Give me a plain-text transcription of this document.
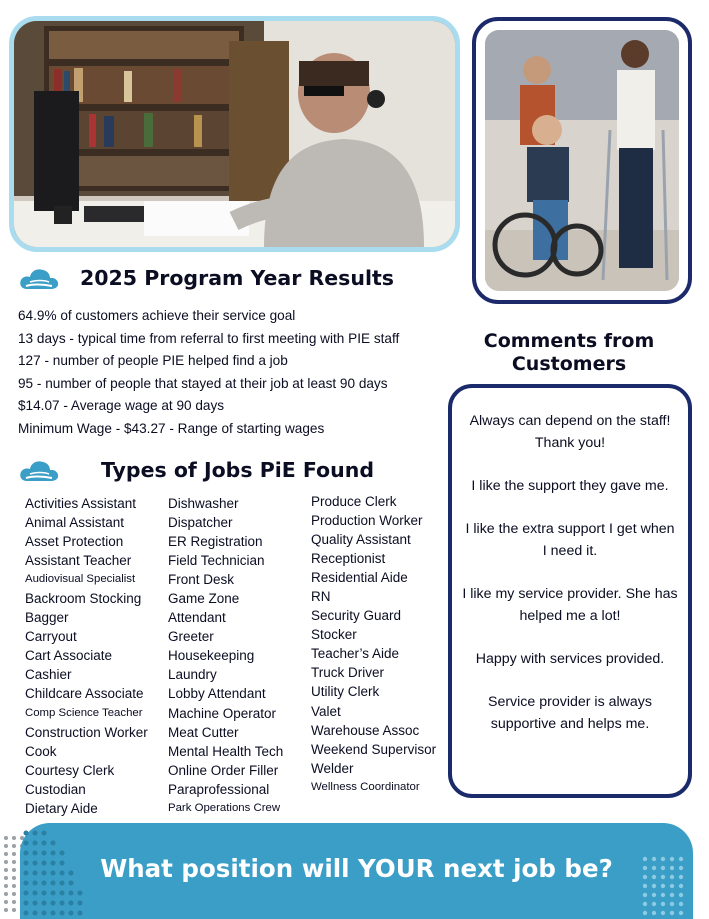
2025 Program Year Results
64.9% of customers achieve their service goal
13 days - typical time from referral to first meeting with PIE staff
127 - number of people PIE helped find a job
95 - number of people that stayed at their job at least 90 days
$14.07 - Average wage at 90 days
Minimum Wage - $43.27 - Range of starting wages
Types of Jobs PiE Found
Activities Assistant
Animal Assistant
Asset Protection
Assistant Teacher
Audiovisual Specialist
Backroom Stocking
Bagger
Carryout
Cart Associate
Cashier
Childcare Associate
Comp Science Teacher
Construction Worker
Cook
Courtesy Clerk
Custodian
Dietary Aide
Dishwasher
Dispatcher
ER Registration
Field Technician
Front Desk
Game Zone
Attendant
Greeter
Housekeeping
Laundry
Lobby Attendant
Machine Operator
Meat Cutter
Mental Health Tech
Online Order Filler
Paraprofessional
Park Operations Crew
Produce Clerk
Production Worker
Quality Assistant
Receptionist
Residential Aide
RN
Security Guard
Stocker
Teacher’s Aide
Truck Driver
Utility Clerk
Valet
Warehouse Assoc
Weekend Supervisor
Welder
Wellness Coordinator
Comments from Customers
Always can depend on the staff! Thank you!
I like the support they gave me.
I like the extra support I get when I need it.
I like my service provider. She has helped me a lot!
Happy with services provided.
Service provider is always supportive and helps me.
What position will YOUR next job be?
